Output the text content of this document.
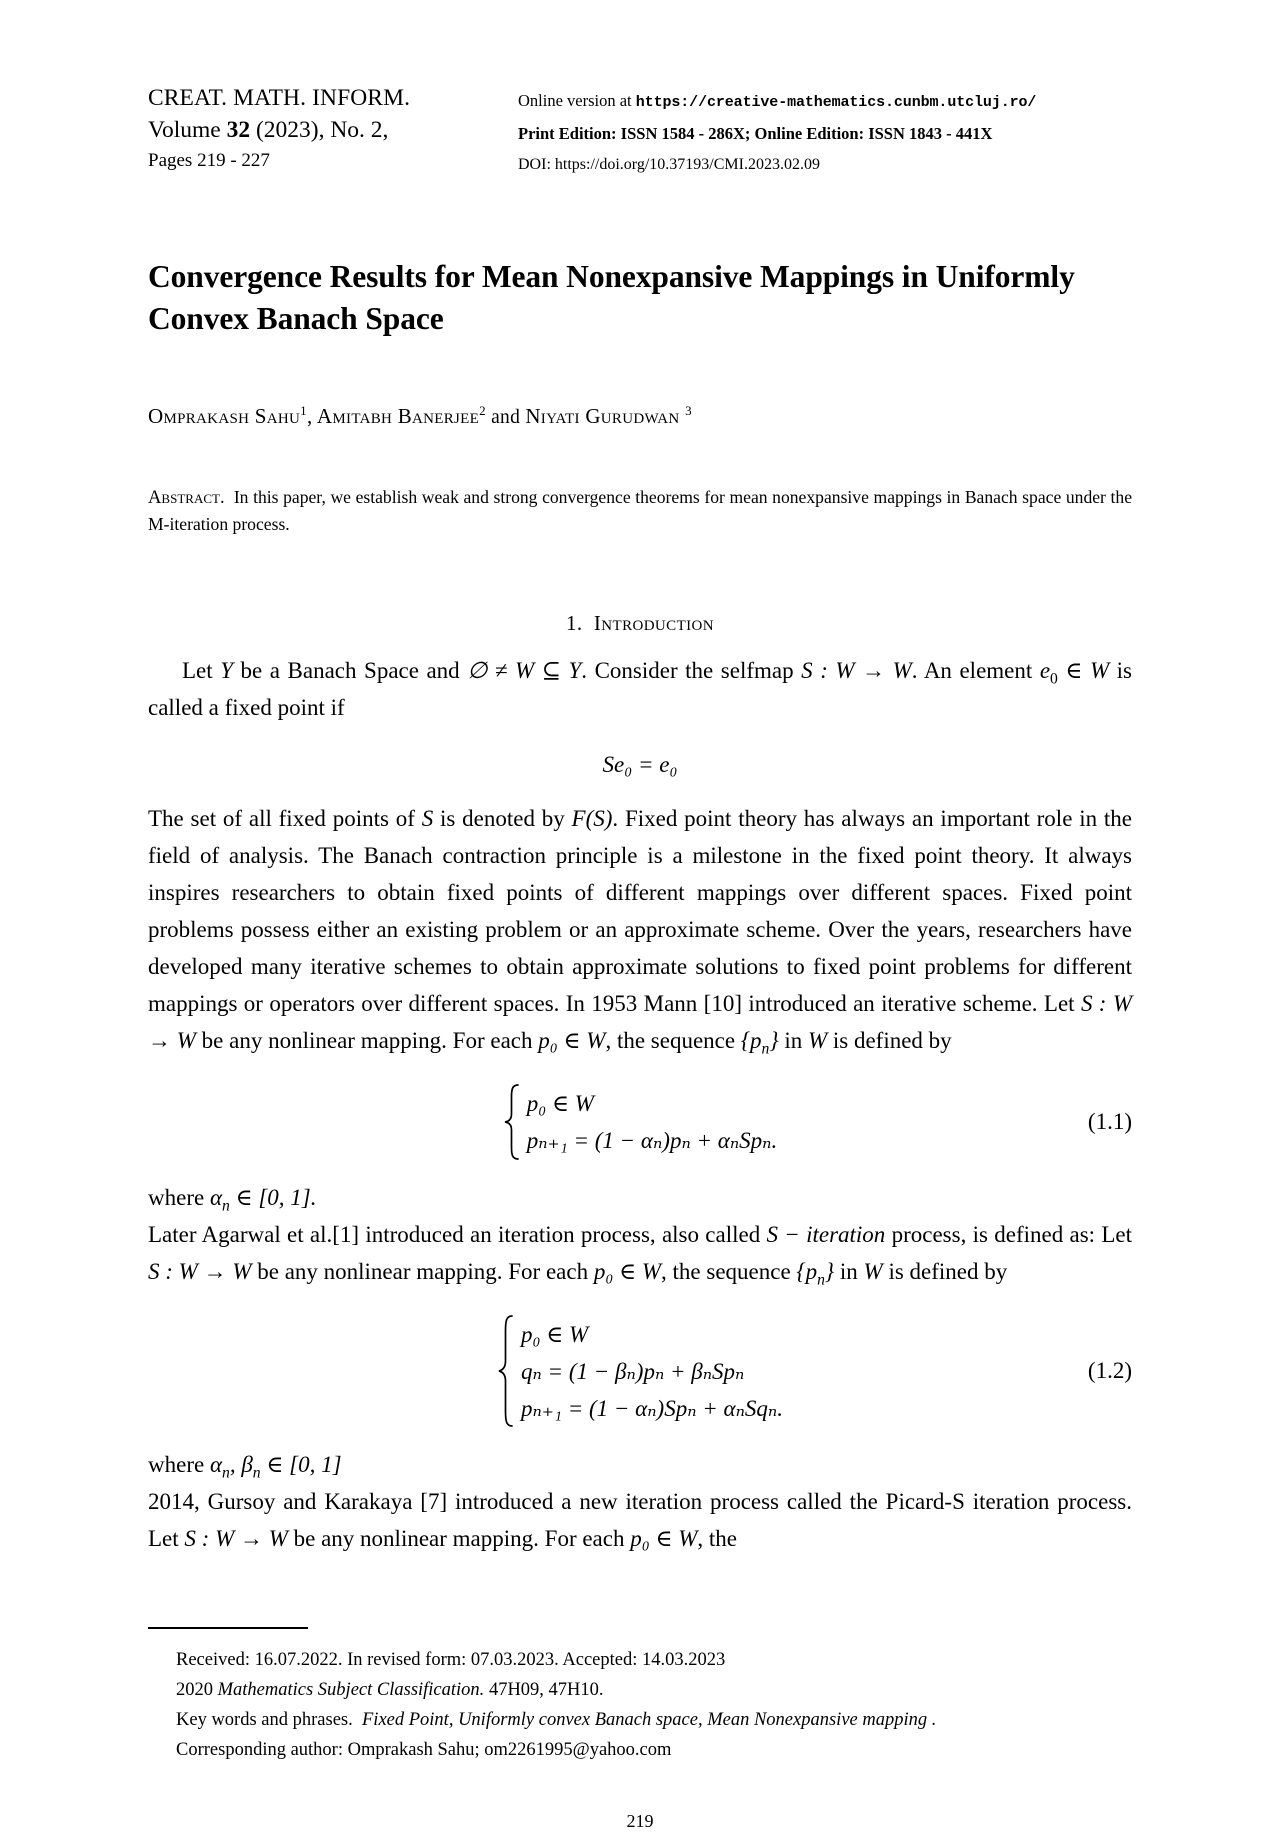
CREAT. MATH. INFORM.
Volume 32 (2023), No. 2,
Pages 219 - 227
Online version at https://creative-mathematics.cunbm.utcluj.ro/
Print Edition: ISSN 1584 - 286X; Online Edition: ISSN 1843 - 441X
DOI: https://doi.org/10.37193/CMI.2023.02.09
Convergence Results for Mean Nonexpansive Mappings in Uniformly Convex Banach Space
Omprakash Sahu$^1$, Amitabh Banerjee$^2$ and Niyati Gurudwan $^3$
Abstract. In this paper, we establish weak and strong convergence theorems for mean nonexpansive mappings in Banach space under the M-iteration process.
1. Introduction

Let Y be a Banach Space and ∅ ≠ W ⊆ Y. Consider the selfmap S : W → W. An element $e_0$ ∈ W is called a fixed point if

Se₀ = e₀

The set of all fixed points of S is denoted by F(S). Fixed point theory has always an important role in the field of analysis. The Banach contraction principle is a milestone in the fixed point theory. It always inspires researchers to obtain fixed points of different mappings over different spaces. Fixed point problems possess either an existing problem or an approximate scheme. Over the years, researchers have developed many iterative schemes to obtain approximate solutions to fixed point problems for different mappings or operators over different spaces. In 1953 Mann [10] introduced an iterative scheme. Let S : W → W be any nonlinear mapping. For each p₀ ∈ W, the sequence $\{p_n\}$ in W is defined by

p₀ ∈ W
pₙ₊₁ = (1 − αₙ)pₙ + αₙSpₙ.
(1.1)

where $\alpha_n$ ∈ [0, 1].

Later Agarwal et al.[1] introduced an iteration process, also called S − iteration process, is defined as: Let S : W → W be any nonlinear mapping. For each p₀ ∈ W, the sequence $\{p_n\}$ in W is defined by

p₀ ∈ W
qₙ = (1 − βₙ)pₙ + βₙSpₙ
pₙ₊₁ = (1 − αₙ)Spₙ + αₙSqₙ.
(1.2)

where $\alpha_n$, $\beta_n$ ∈ [0, 1]

2014, Gursoy and Karakaya [7] introduced a new iteration process called the Picard-S iteration process. Let S : W → W be any nonlinear mapping. For each p₀ ∈ W, the

Received: 16.07.2022. In revised form: 07.03.2023. Accepted: 14.03.2023
2020 Mathematics Subject Classification. 47H09, 47H10.
Key words and phrases. Fixed Point, Uniformly convex Banach space, Mean Nonexpansive mapping .
Corresponding author: Omprakash Sahu; om2261995@yahoo.com
219
